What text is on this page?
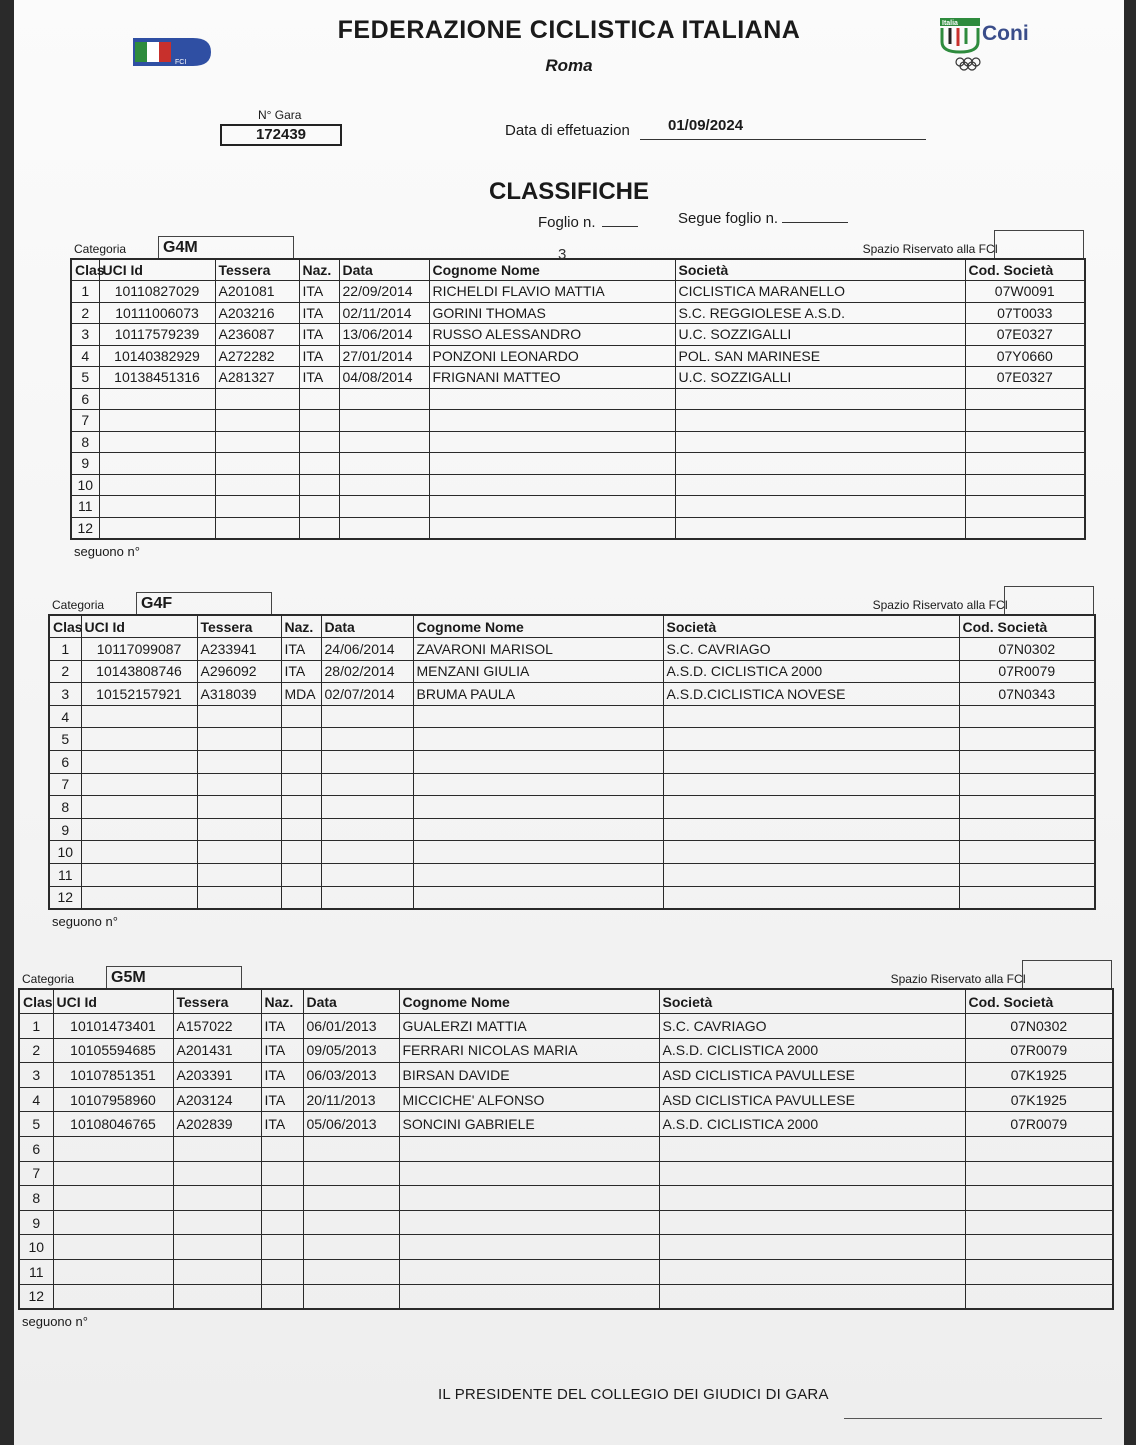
FCI
FEDERAZIONE CICLISTICA ITALIANA
Roma
Italia Coni
N° Gara
172439	Data di effetuazion	01/09/2024
CLASSIFICHE
Foglio n.	Segue foglio n.
Categoria	G4M	Spazio Riservato alla FCI
Clas	UCI Id	Tessera	Naz.	Data	Cognome Nome	Società	Cod. Società
1	10110827029	A201081	ITA	22/09/2014	RICHELDI FLAVIO MATTIA	CICLISTICA MARANELLO	07W0091
2	10111006073	A203216	ITA	02/11/2014	GORINI THOMAS	S.C. REGGIOLESE A.S.D.	07T0033
3	10117579239	A236087	ITA	13/06/2014	RUSSO ALESSANDRO	U.C. SOZZIGALLI	07E0327
4	10140382929	A272282	ITA	27/01/2014	PONZONI LEONARDO	POL. SAN MARINESE	07Y0660
5	10138451316	A281327	ITA	04/08/2014	FRIGNANI MATTEO	U.C. SOZZIGALLI	07E0327
6							
7							
8							
9							
10							
11							
12							
seguono n°
Categoria	G4F	Spazio Riservato alla FCI
Clas	UCI Id	Tessera	Naz.	Data	Cognome Nome	Società	Cod. Società
1	10117099087	A233941	ITA	24/06/2014	ZAVARONI MARISOL	S.C. CAVRIAGO	07N0302
2	10143808746	A296092	ITA	28/02/2014	MENZANI GIULIA	A.S.D. CICLISTICA 2000	07R0079
3	10152157921	A318039	MDA	02/07/2014	BRUMA PAULA	A.S.D.CICLISTICA NOVESE	07N0343
4							
5							
6							
7							
8							
9							
10							
11							
12							
seguono n°
Categoria	G5M	Spazio Riservato alla FCI
Clas	UCI Id	Tessera	Naz.	Data	Cognome Nome	Società	Cod. Società
1	10101473401	A157022	ITA	06/01/2013	GUALERZI MATTIA	S.C. CAVRIAGO	07N0302
2	10105594685	A201431	ITA	09/05/2013	FERRARI NICOLAS MARIA	A.S.D. CICLISTICA 2000	07R0079
3	10107851351	A203391	ITA	06/03/2013	BIRSAN DAVIDE	ASD CICLISTICA PAVULLESE	07K1925
4	10107958960	A203124	ITA	20/11/2013	MICCICHE' ALFONSO	ASD CICLISTICA PAVULLESE	07K1925
5	10108046765	A202839	ITA	05/06/2013	SONCINI GABRIELE	A.S.D. CICLISTICA 2000	07R0079
6							
7							
8							
9							
10							
11							
12							
seguono n°
IL PRESIDENTE DEL COLLEGIO DEI GIUDICI DI GARA
3
